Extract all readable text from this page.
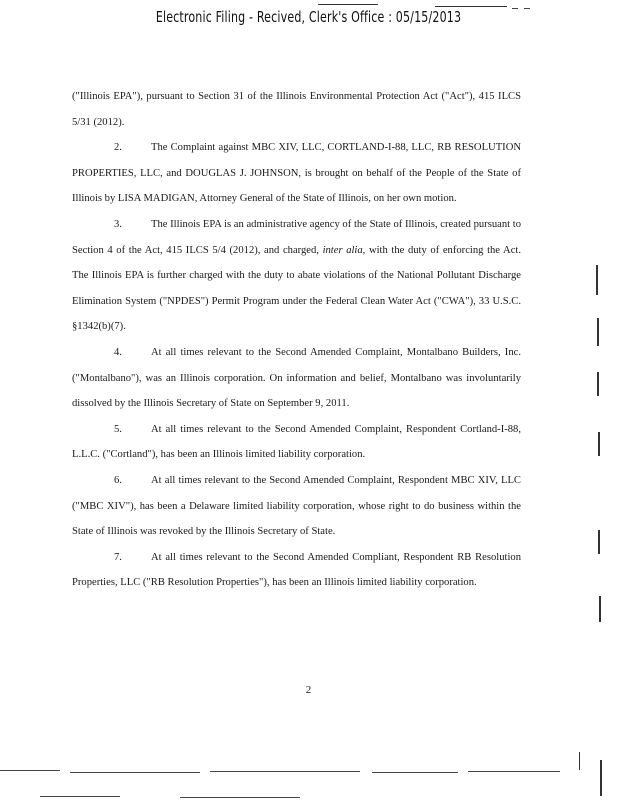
Electronic Filing - Recived, Clerk's Office : 05/15/2013

("Illinois EPA"), pursuant to Section 31 of the Illinois Environmental Protection Act ("Act"), 415 ILCS 5/31 (2012).

2.	The Complaint against MBC XIV, LLC, CORTLAND-I-88, LLC, RB RESOLUTION PROPERTIES, LLC, and DOUGLAS J. JOHNSON, is brought on behalf of the People of the State of Illinois by LISA MADIGAN, Attorney General of the State of Illinois, on her own motion.

3.	The Illinois EPA is an administrative agency of the State of Illinois, created pursuant to Section 4 of the Act, 415 ILCS 5/4 (2012), and charged, inter alia, with the duty of enforcing the Act. The Illinois EPA is further charged with the duty to abate violations of the National Pollutant Discharge Elimination System ("NPDES") Permit Program under the Federal Clean Water Act ("CWA"), 33 U.S.C. §1342(b)(7).

4.	At all times relevant to the Second Amended Complaint, Montalbano Builders, Inc. ("Montalbano"), was an Illinois corporation. On information and belief, Montalbano was involuntarily dissolved by the Illinois Secretary of State on September 9, 2011.

5.	At all times relevant to the Second Amended Complaint, Respondent Cortland-I-88, L.L.C. ("Cortland"), has been an Illinois limited liability corporation.

6.	At all times relevant to the Second Amended Complaint, Respondent MBC XIV, LLC ("MBC XIV"), has been a Delaware limited liability corporation, whose right to do business within the State of Illinois was revoked by the Illinois Secretary of State.

7.	At all times relevant to the Second Amended Compliant, Respondent RB Resolution Properties, LLC ("RB Resolution Properties"), has been an Illinois limited liability corporation.

2
